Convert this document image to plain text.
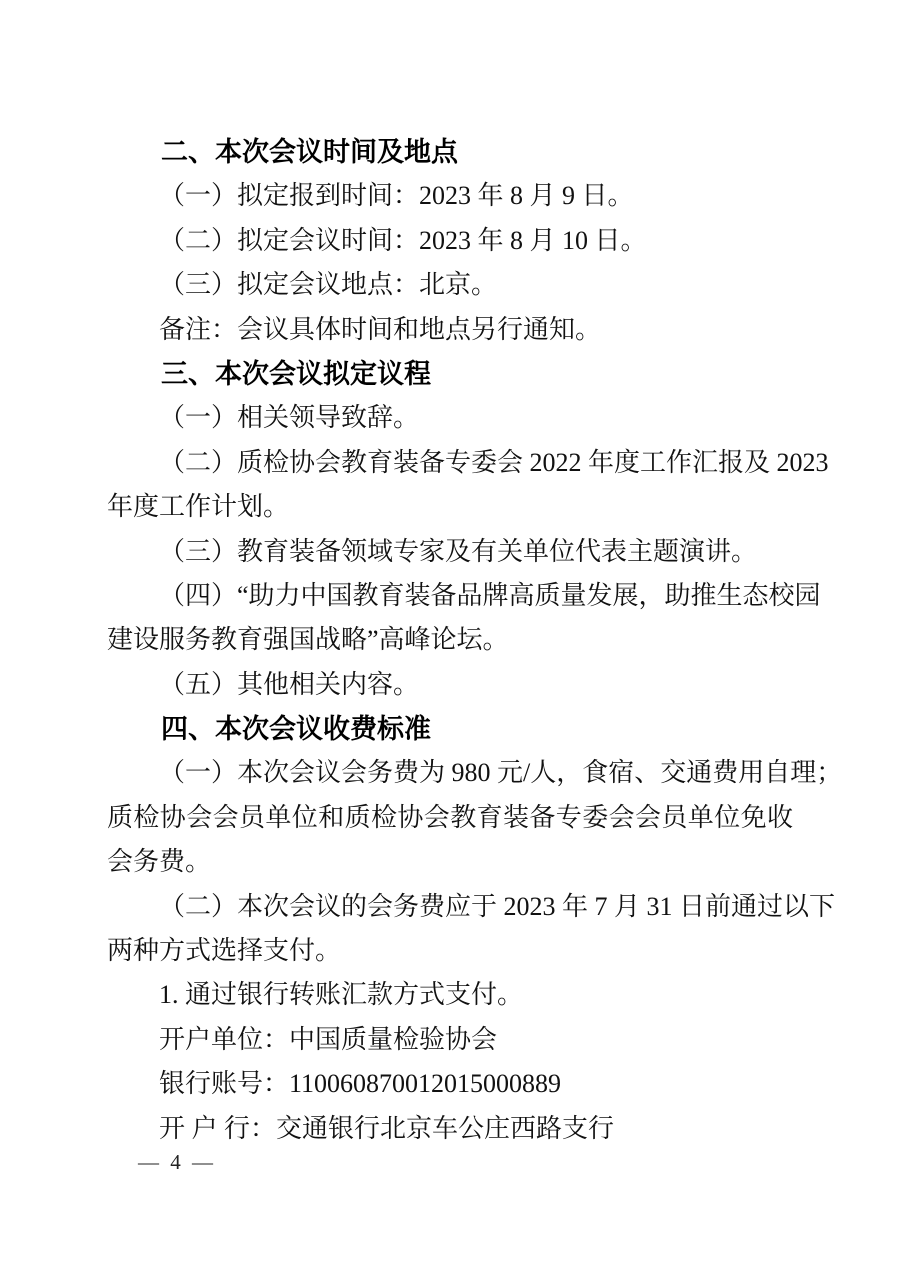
二、本次会议时间及地点
（一）拟定报到时间：2023 年 8 月 9 日。
（二）拟定会议时间：2023 年 8 月 10 日。
（三）拟定会议地点：北京。
备注：会议具体时间和地点另行通知。
三、本次会议拟定议程
（一）相关领导致辞。
（二）质检协会教育装备专委会 2022 年度工作汇报及 2023
年度工作计划。
（三）教育装备领域专家及有关单位代表主题演讲。
（四）“助力中国教育装备品牌高质量发展，助推生态校园
建设服务教育强国战略”高峰论坛。
（五）其他相关内容。
四、本次会议收费标准
（一）本次会议会务费为 980 元/人，食宿、交通费用自理；
质检协会会员单位和质检协会教育装备专委会会员单位免收
会务费。
（二）本次会议的会务费应于 2023 年 7 月 31 日前通过以下
两种方式选择支付。
1. 通过银行转账汇款方式支付。
开户单位：中国质量检验协会
银行账号：110060870012015000889
开 户 行：交通银行北京车公庄西路支行
— 4 —
